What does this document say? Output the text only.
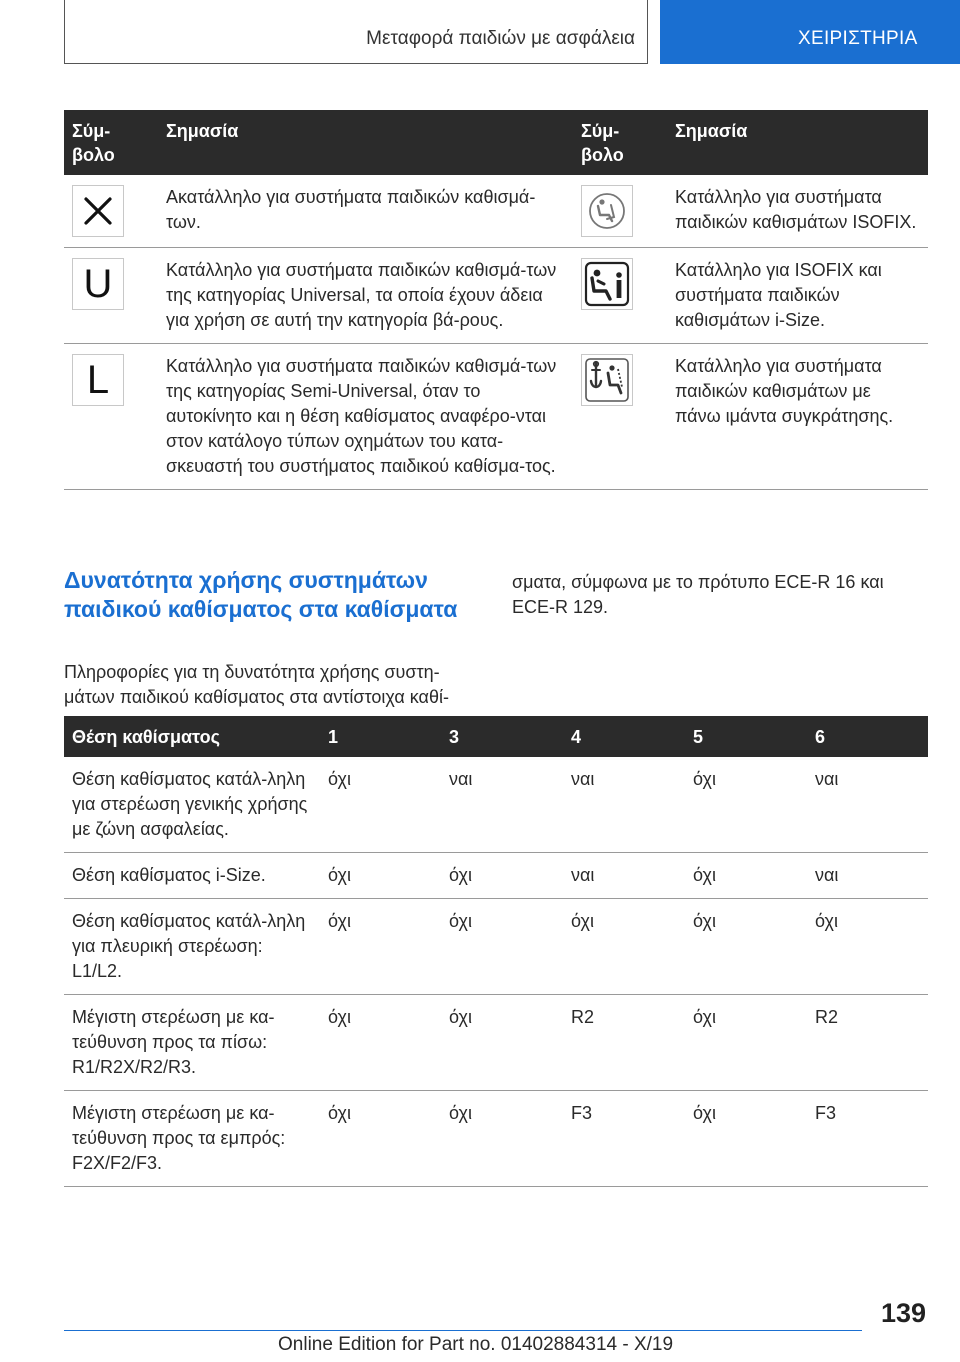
Μεταφορά παιδιών με ασφάλεια	ΧΕΙΡΙΣΤΗΡΙΑ
Σύμ-βολο	Σημασία	Σύμ-βολο	Σημασία

	Ακατάλληλο για συστήματα παιδικών καθισμά-των.		Κατάλληλο για συστήματα παιδικών καθισμάτων ISOFIX.

U	Κατάλληλο για συστήματα παιδικών καθισμά-των της κατηγορίας Universal, τα οποία έχουν άδεια για χρήση σε αυτή την κατηγορία βά-ρους.		Κατάλληλο για ISOFIX και συστήματα παιδικών καθισμάτων i-Size.

L	Κατάλληλο για συστήματα παιδικών καθισμά-των της κατηγορίας Semi-Universal, όταν το αυτοκίνητο και η θέση καθίσματος αναφέρο-νται στον κατάλογο τύπων οχημάτων του κατα-σκευαστή του συστήματος παιδικού καθίσμα-τος.		Κατάλληλο για συστήματα παιδικών καθισμάτων με πάνω ιμάντα συγκράτησης.
Δυνατότητα χρήσης συστημάτων παιδικού καθίσματος στα καθίσματα
Πληροφορίες για τη δυνατότητα χρήσης συστη-μάτων παιδικού καθίσματος στα αντίστοιχα καθί-
σματα, σύμφωνα με το πρότυπο ECE-R 16 και ECE-R 129.
Θέση καθίσματος	1	3	4	5	6
Θέση καθίσματος κατάλ-ληλη για στερέωση γενικής χρήσης με ζώνη ασφαλείας.	όχι	ναι	ναι	όχι	ναι
Θέση καθίσματος i-Size.	όχι	όχι	ναι	όχι	ναι
Θέση καθίσματος κατάλ-ληλη για πλευρική στερέωση: L1/L2.	όχι	όχι	όχι	όχι	όχι
Μέγιστη στερέωση με κα-τεύθυνση προς τα πίσω: R1/R2X/R2/R3.	όχι	όχι	R2	όχι	R2
Μέγιστη στερέωση με κα-τεύθυνση προς τα εμπρός: F2X/F2/F3.	όχι	όχι	F3	όχι	F3
139
Online Edition for Part no. 01402884314 - X/19
